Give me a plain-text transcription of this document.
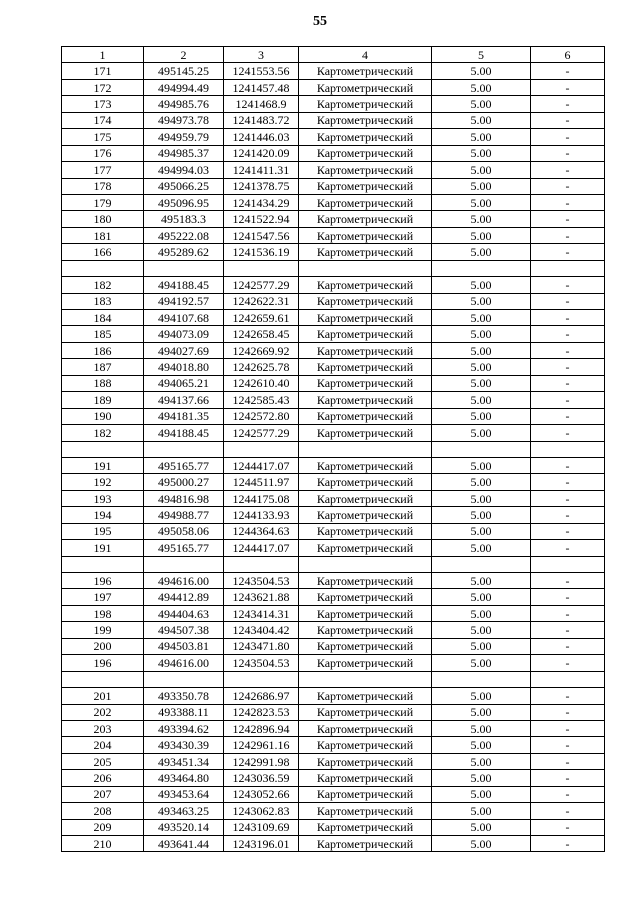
55
1	2	3	4	5	6
171	495145.25	1241553.56	Картометрический	5.00	-
172	494994.49	1241457.48	Картометрический	5.00	-
173	494985.76	1241468.9	Картометрический	5.00	-
174	494973.78	1241483.72	Картометрический	5.00	-
175	494959.79	1241446.03	Картометрический	5.00	-
176	494985.37	1241420.09	Картометрический	5.00	-
177	494994.03	1241411.31	Картометрический	5.00	-
178	495066.25	1241378.75	Картометрический	5.00	-
179	495096.95	1241434.29	Картометрический	5.00	-
180	495183.3	1241522.94	Картометрический	5.00	-
181	495222.08	1241547.56	Картометрический	5.00	-
166	495289.62	1241536.19	Картометрический	5.00	-

182	494188.45	1242577.29	Картометрический	5.00	-
183	494192.57	1242622.31	Картометрический	5.00	-
184	494107.68	1242659.61	Картометрический	5.00	-
185	494073.09	1242658.45	Картометрический	5.00	-
186	494027.69	1242669.92	Картометрический	5.00	-
187	494018.80	1242625.78	Картометрический	5.00	-
188	494065.21	1242610.40	Картометрический	5.00	-
189	494137.66	1242585.43	Картометрический	5.00	-
190	494181.35	1242572.80	Картометрический	5.00	-
182	494188.45	1242577.29	Картометрический	5.00	-

191	495165.77	1244417.07	Картометрический	5.00	-
192	495000.27	1244511.97	Картометрический	5.00	-
193	494816.98	1244175.08	Картометрический	5.00	-
194	494988.77	1244133.93	Картометрический	5.00	-
195	495058.06	1244364.63	Картометрический	5.00	-
191	495165.77	1244417.07	Картометрический	5.00	-

196	494616.00	1243504.53	Картометрический	5.00	-
197	494412.89	1243621.88	Картометрический	5.00	-
198	494404.63	1243414.31	Картометрический	5.00	-
199	494507.38	1243404.42	Картометрический	5.00	-
200	494503.81	1243471.80	Картометрический	5.00	-
196	494616.00	1243504.53	Картометрический	5.00	-

201	493350.78	1242686.97	Картометрический	5.00	-
202	493388.11	1242823.53	Картометрический	5.00	-
203	493394.62	1242896.94	Картометрический	5.00	-
204	493430.39	1242961.16	Картометрический	5.00	-
205	493451.34	1242991.98	Картометрический	5.00	-
206	493464.80	1243036.59	Картометрический	5.00	-
207	493453.64	1243052.66	Картометрический	5.00	-
208	493463.25	1243062.83	Картометрический	5.00	-
209	493520.14	1243109.69	Картометрический	5.00	-
210	493641.44	1243196.01	Картометрический	5.00	-
